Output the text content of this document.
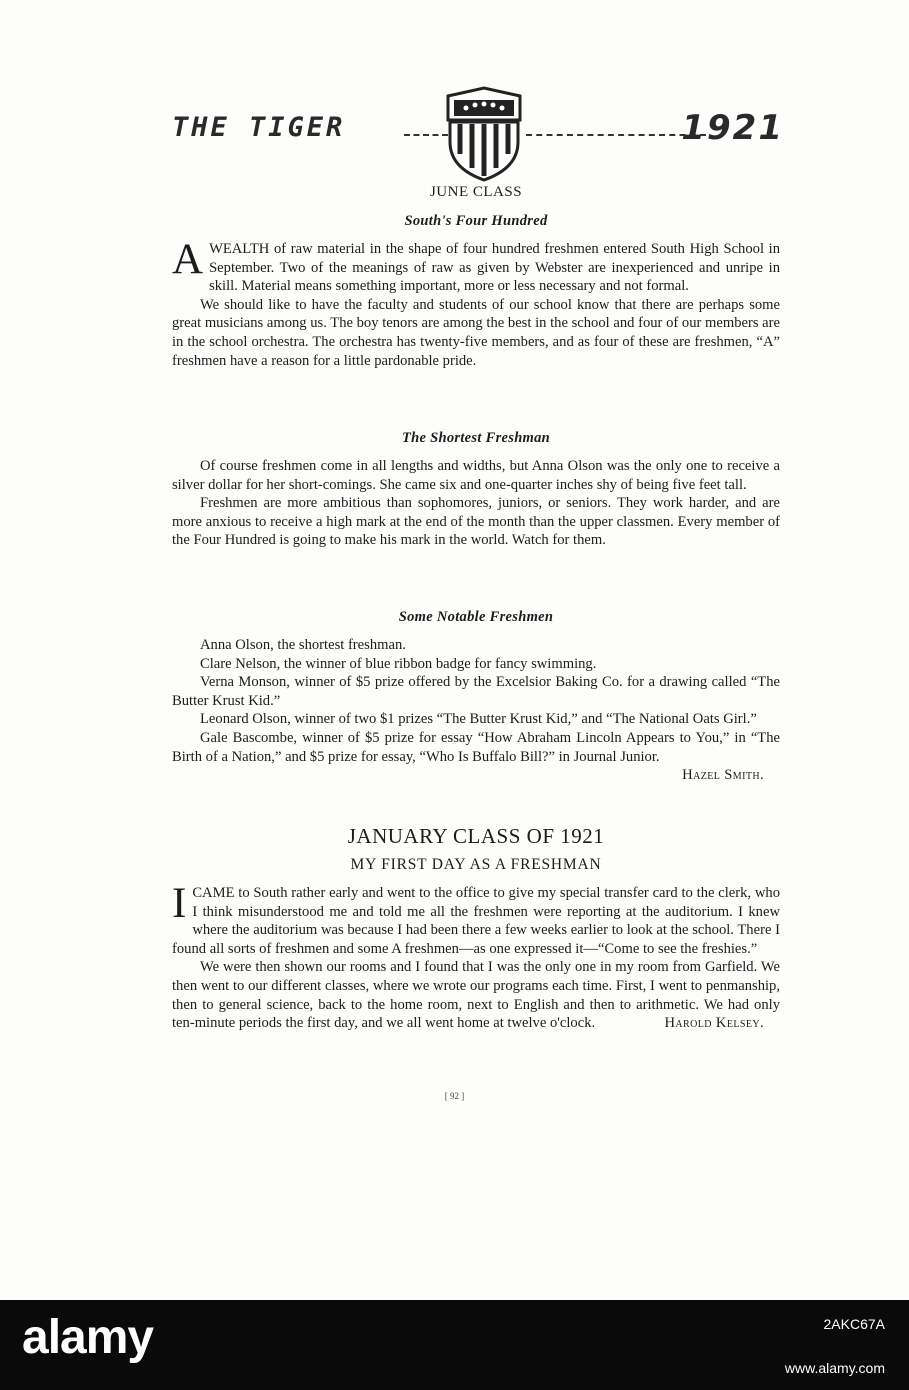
THE TIGER	1921
JUNE CLASS
South's Four Hundred

AWEALTH of raw material in the shape of four hundred freshmen entered South High School in September. Two of the meanings of raw as given by Webster are inexperienced and unripe in skill. Material means something important, more or less necessary and not formal.

We should like to have the faculty and students of our school know that there are perhaps some great musicians among us. The boy tenors are among the best in the school and four of our members are in the school orchestra. The orchestra has twenty-five members, and as four of these are freshmen, “A” freshmen have a reason for a little pardonable pride.

The Shortest Freshman

Of course freshmen come in all lengths and widths, but Anna Olson was the only one to receive a silver dollar for her short-comings. She came six and one-quarter inches shy of being five feet tall.

Freshmen are more ambitious than sophomores, juniors, or seniors. They work harder, and are more anxious to receive a high mark at the end of the month than the upper classmen. Every member of the Four Hundred is going to make his mark in the world. Watch for them.

Some Notable Freshmen

Anna Olson, the shortest freshman.

Clare Nelson, the winner of blue ribbon badge for fancy swimming.

Verna Monson, winner of $5 prize offered by the Excelsior Baking Co. for a drawing called “The Butter Krust Kid.”

Leonard Olson, winner of two $1 prizes “The Butter Krust Kid,” and “The National Oats Girl.”

Gale Bascombe, winner of $5 prize for essay “How Abraham Lincoln Appears to You,” in “The Birth of a Nation,” and $5 prize for essay, “Who Is Buffalo Bill?” in Journal Junior.
Hazel Smith.

JANUARY CLASS OF 1921
MY FIRST DAY AS A FRESHMAN

ICAME to South rather early and went to the office to give my special transfer card to the clerk, who I think misunderstood me and told me all the freshmen were reporting at the auditorium. I knew where the auditorium was because I had been there a few weeks earlier to look at the school. There I found all sorts of freshmen and some A freshmen—as one expressed it—“Come to see the freshies.”

We were then shown our rooms and I found that I was the only one in my room from Garfield. We then went to our different classes, where we wrote our programs each time. First, I went to penmanship, then to general science, back to the home room, next to English and then to arithmetic. We had only ten-minute periods the first day, and we all went home at twelve o'clock.	Harold Kelsey.

[ 92 ]
alamy	2AKC67A
www.alamy.com
